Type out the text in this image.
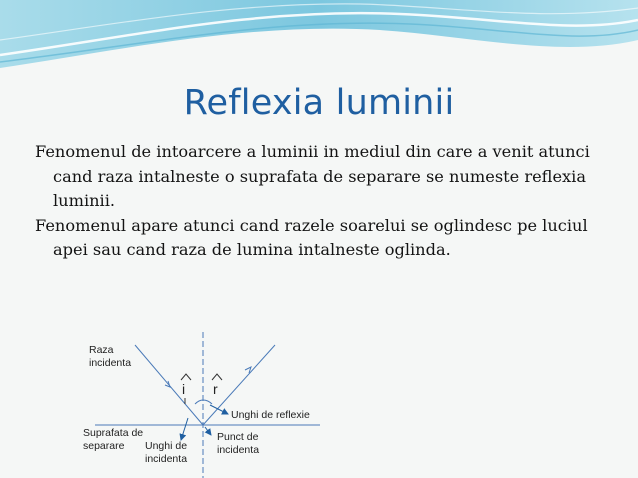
Reflexia luminii

Fenomenul de intoarcere a luminii in mediul din care a venit atunci cand raza intalneste o suprafata de separare se numeste reflexia luminii.

Fenomenul apare atunci cand razele soarelui se oglindesc pe luciul apei sau cand raza de lumina intalneste oglinda.

i r
Raza incidenta
Unghi de reflexie
Suprafata de separare	Unghi de incidenta
Punct de incidenta
